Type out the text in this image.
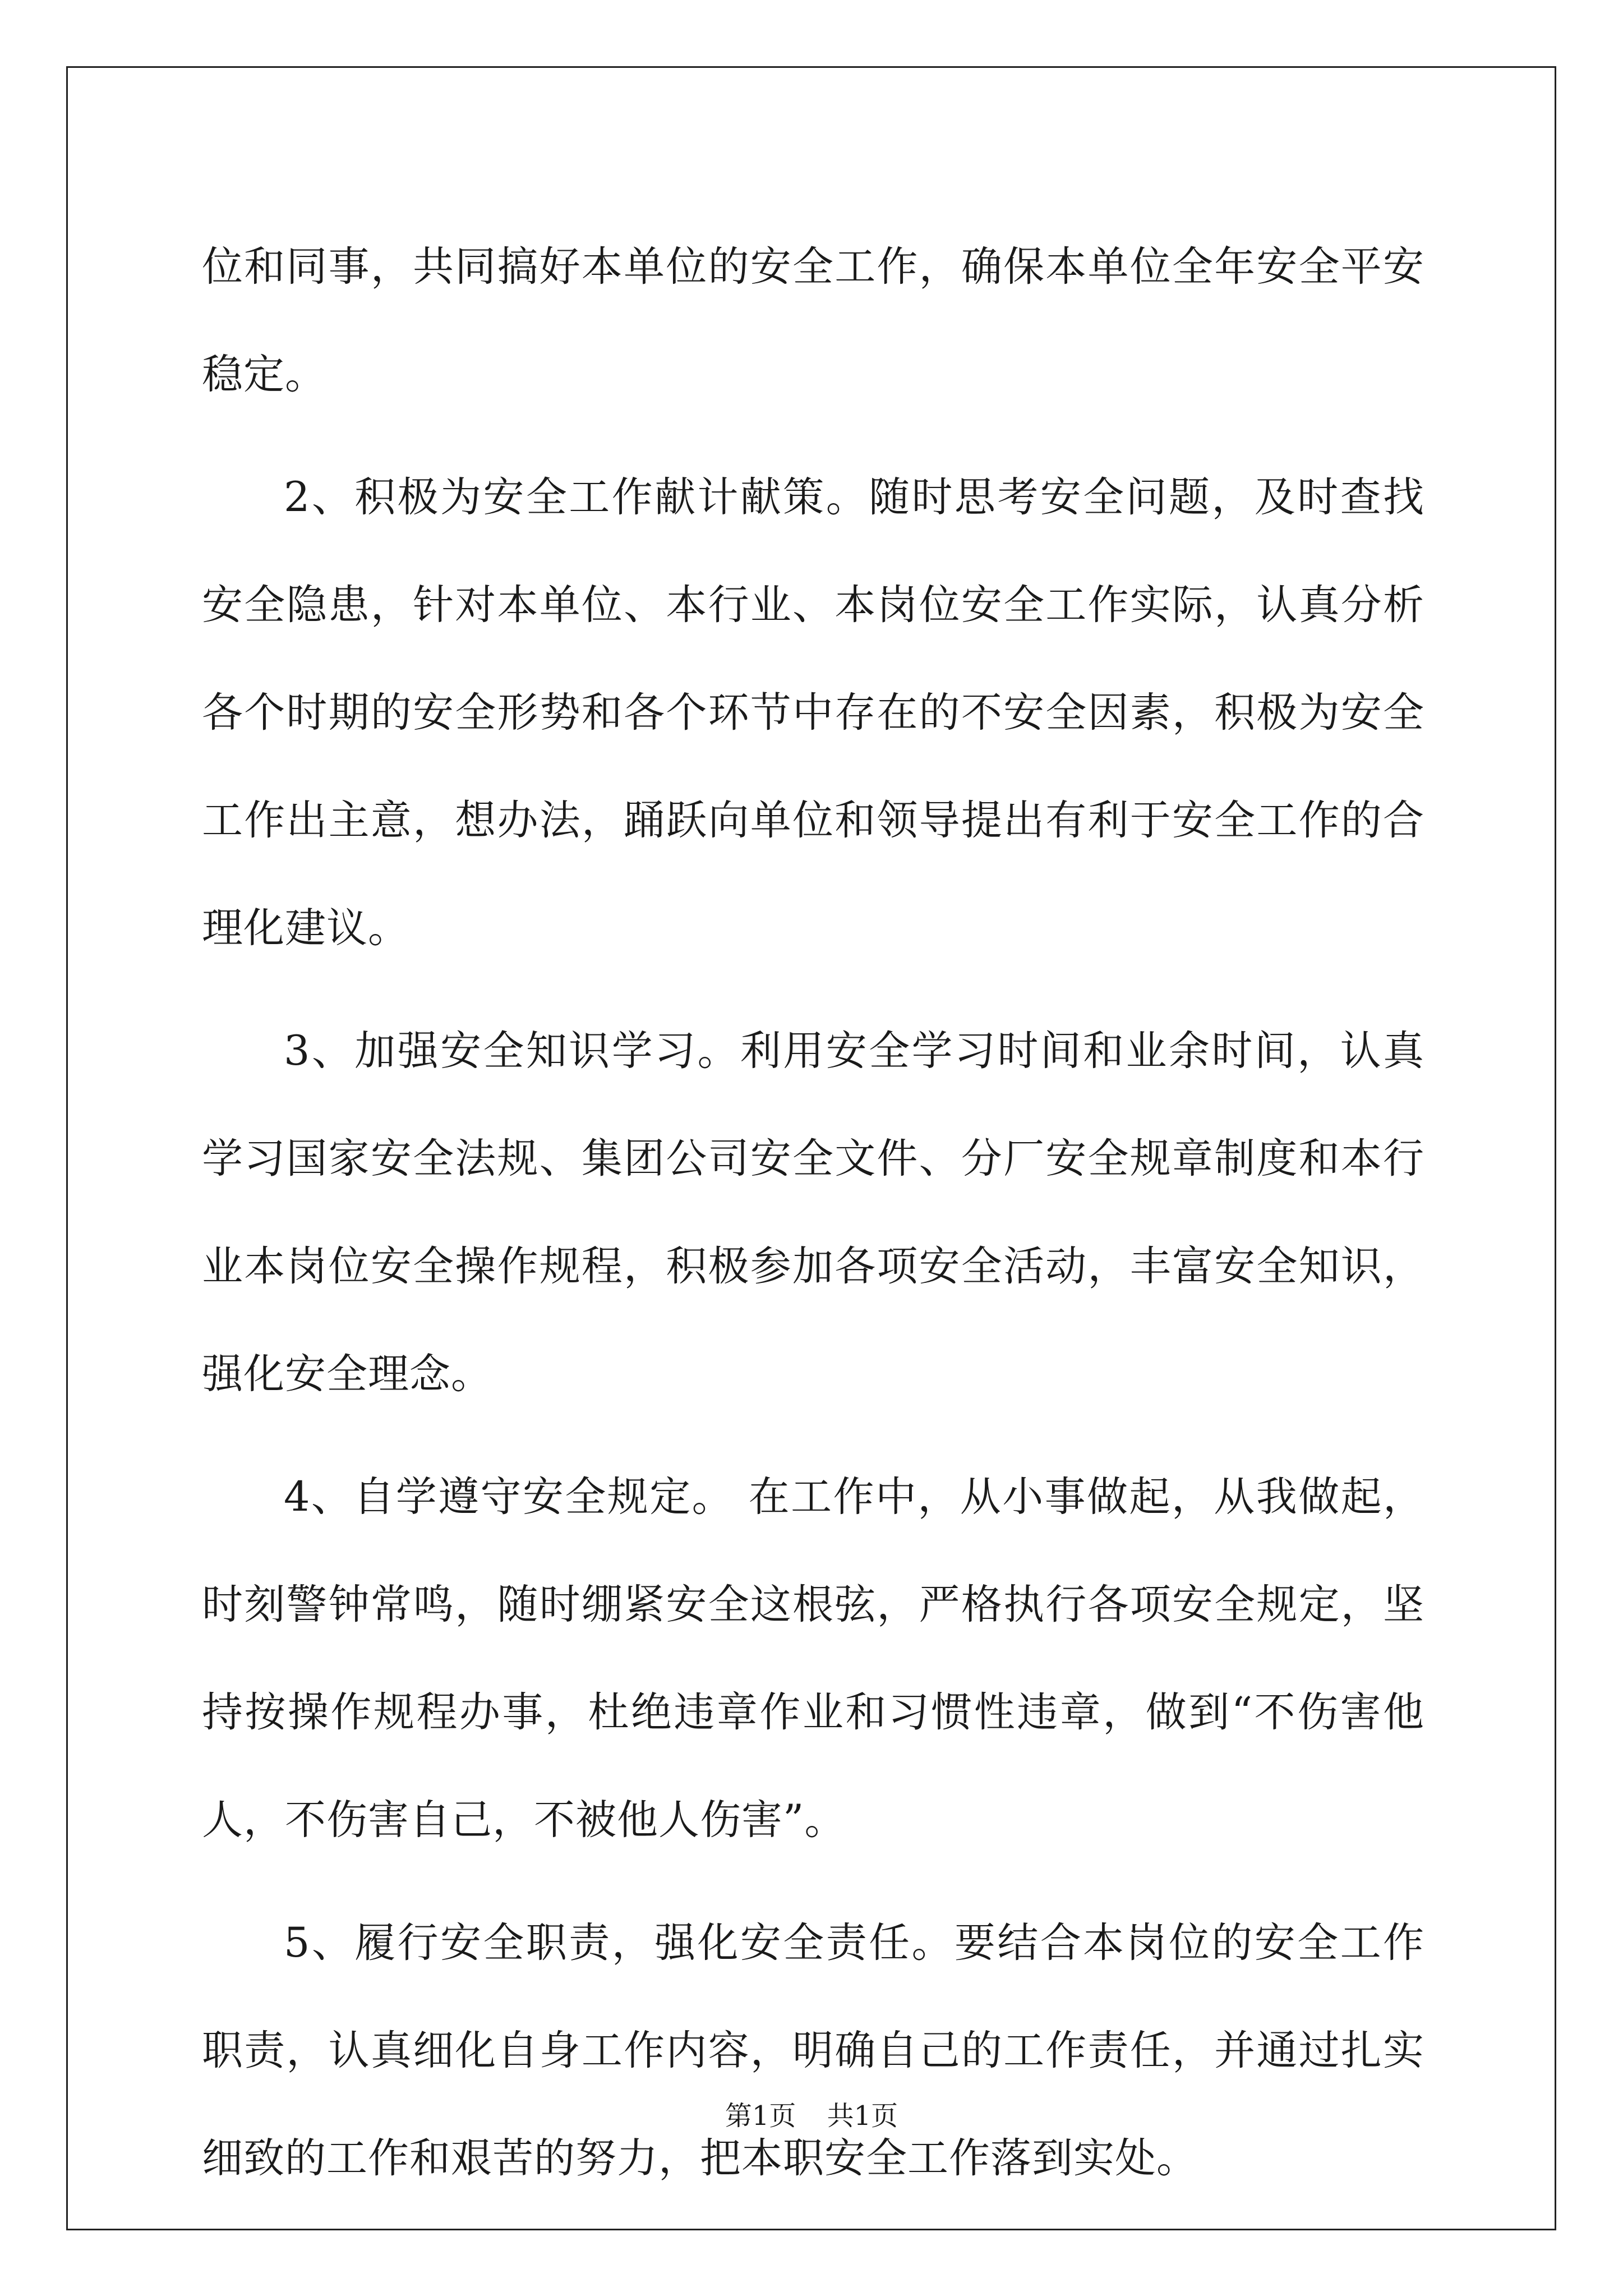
位和同事，共同搞好本单位的安全工作，确保本单位全年安全平安稳定。

2、积极为安全工作献计献策。随时思考安全问题，及时查找安全隐患，针对本单位、本行业、本岗位安全工作实际，认真分析各个时期的安全形势和各个环节中存在的不安全因素，积极为安全工作出主意，想办法，踊跃向单位和领导提出有利于安全工作的合理化建议。

3、加强安全知识学习。利用安全学习时间和业余时间，认真学习国家安全法规、集团公司安全文件、分厂安全规章制度和本行业本岗位安全操作规程，积极参加各项安全活动，丰富安全知识，强化安全理念。

4、自学遵守安全规定。 在工作中，从小事做起，从我做起，时刻警钟常鸣，随时绷紧安全这根弦，严格执行各项安全规定，坚持按操作规程办事，杜绝违章作业和习惯性违章，做到“不伤害他人，不伤害自己，不被他人伤害”。

5、履行安全职责，强化安全责任。要结合本岗位的安全工作职责，认真细化自身工作内容，明确自己的工作责任，并通过扎实细致的工作和艰苦的努力，把本职安全工作落到实处。

第1页 共1页
